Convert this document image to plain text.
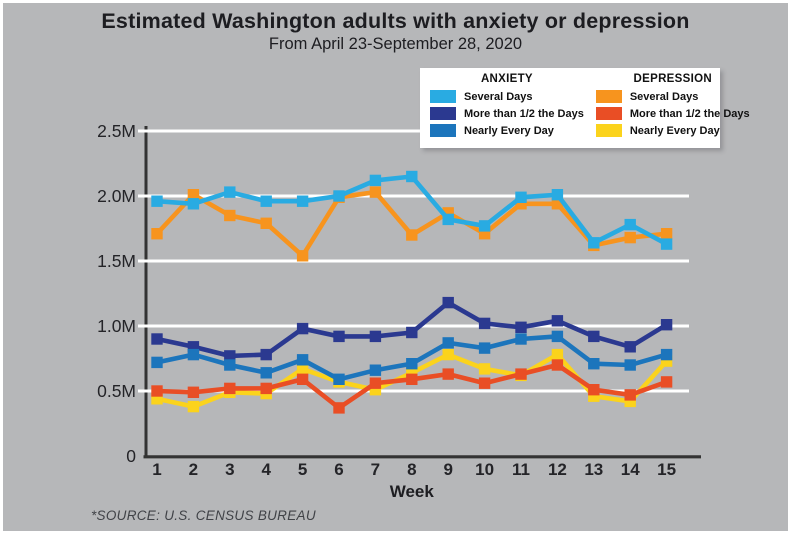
0
0.5M
1.0M
1.5M
2.0M
2.5M
1 2 3 4 5 6 7 8 9 10 11 12 13 14 15
Week
Estimated Washington adults with anxiety or depression
From April 23-September 28, 2020
ANXIETY
Several Days
More than 1/2 the Days
Nearly Every Day
DEPRESSION
Several Days
More than 1/2 the Days
Nearly Every Day
*SOURCE: U.S. CENSUS BUREAU
